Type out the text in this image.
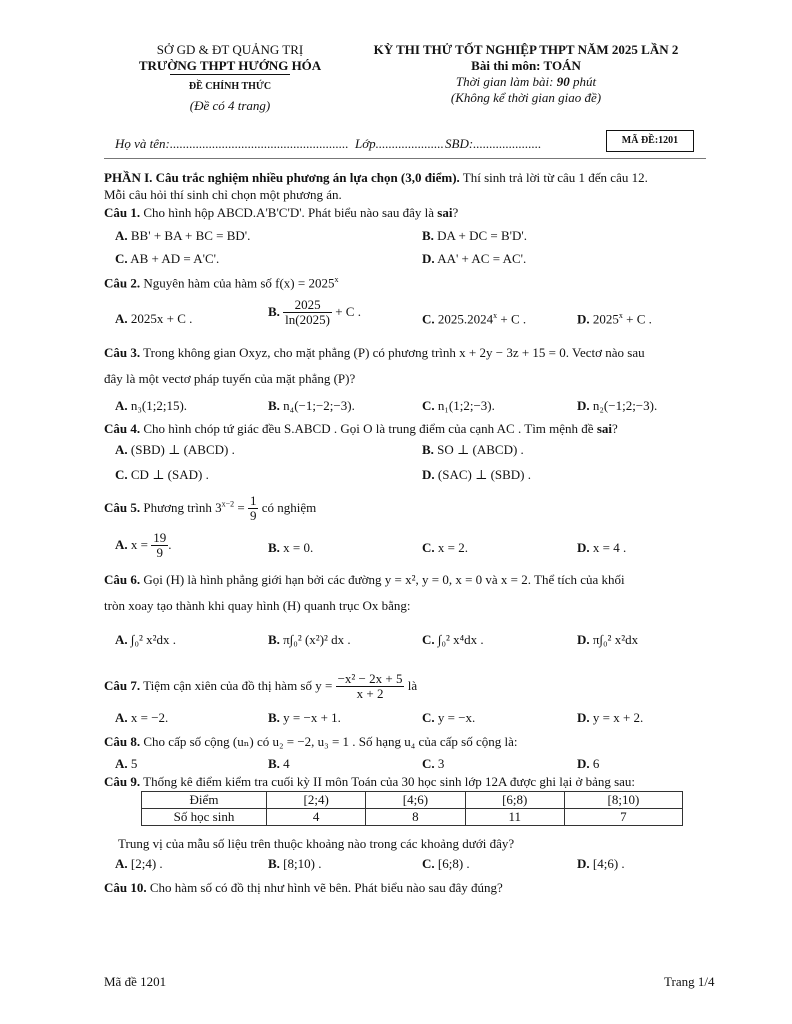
SỞ GD & ĐT QUẢNG TRỊ
TRƯỜNG THPT HƯỚNG HÓA
ĐỀ CHÍNH THỨC
(Đề có 4 trang)
KỲ THI THỬ TỐT NGHIỆP THPT NĂM 2025 LẦN 2
Bài thi môn: TOÁN
Thời gian làm bài: 90 phút
(Không kể thời gian giao đề)
Họ và tên:....................................................... Lớp..................... SBD:.....................	MÃ ĐỀ:1201
PHẦN I. Câu trắc nghiệm nhiều phương án lựa chọn (3,0 điểm). Thí sinh trả lời từ câu 1 đến câu 12.
Mỗi câu hỏi thí sinh chỉ chọn một phương án.
Câu 1. Cho hình hộp ABCD.A'B'C'D'. Phát biểu nào sau đây là sai?
A. BB' + BA + BC = BD'.	B. DA + DC = B'D'.
C. AB + AD = A'C'.	D. AA' + AC = AC'.
Câu 2. Nguyên hàm của hàm số $f(x) = 2025^x$
A. 2025x + C .	B. $\frac{2025}{\ln(2025)} + C$ .
C. $2025.2024^x + C$ .	D. $2025^x + C$ .
Câu 3. Trong không gian Oxyz, cho mặt phẳng (P) có phương trình x + 2y − 3z + 15 = 0. Vectơ nào sau
đây là một vectơ pháp tuyến của mặt phẳng (P)?
A. n₃(1;2;15).	B. n₄(−1;−2;−3).	C. n₁(1;2;−3).	D. n₂(−1;2;−3).
Câu 4. Cho hình chóp tứ giác đều S.ABCD . Gọi O là trung điểm của cạnh AC . Tìm mệnh đề sai?
A. (SBD) ⊥ (ABCD) .	B. SO ⊥ (ABCD) .
C. CD ⊥ (SAD) .	D. (SAC) ⊥ (SBD) .
Câu 5. Phương trình $3^{x-2} = \frac{1}{9}$ có nghiệm
A. $x = \frac{19}{9}$ .	B. x = 0.	C. x = 2.	D. x = 4 .
Câu 6. Gọi (H) là hình phẳng giới hạn bởi các đường y = x², y = 0, x = 0 và x = 2. Thể tích của khối
tròn xoay tạo thành khi quay hình (H) quanh trục Ox bằng:
A. ∫₀² x²dx .	B. π∫₀² (x²)² dx .	C. ∫₀² x⁴dx .	D. π∫₀² x²dx
Câu 7. Tiệm cận xiên của đồ thị hàm số $y = \frac{\text{−x² − 2x + 5}}{x + 2}$ là
A. x = −2.	B. y = −x + 1.	C. y = −x.	D. y = x + 2.
Câu 8. Cho cấp số cộng (uₙ) có u₂ = −2, u₃ = 1 . Số hạng u₄ của cấp số cộng là:
A. 5	B. 4	C. 3	D. 6
Câu 9. Thống kê điểm kiểm tra cuối kỳ II môn Toán của 30 học sinh lớp 12A được ghi lại ở bảng sau:
Điểm	[2;4)	[4;6)	[6;8)	[8;10)
Số học sinh	4	8	11	7
Trung vị của mẫu số liệu trên thuộc khoảng nào trong các khoảng dưới đây?
A. [2;4) .	B. [8;10) .	C. [6;8) .	D. [4;6) .
Câu 10. Cho hàm số có đồ thị như hình vẽ bên. Phát biểu nào sau đây đúng?
Mã đề 1201	Trang 1/4
